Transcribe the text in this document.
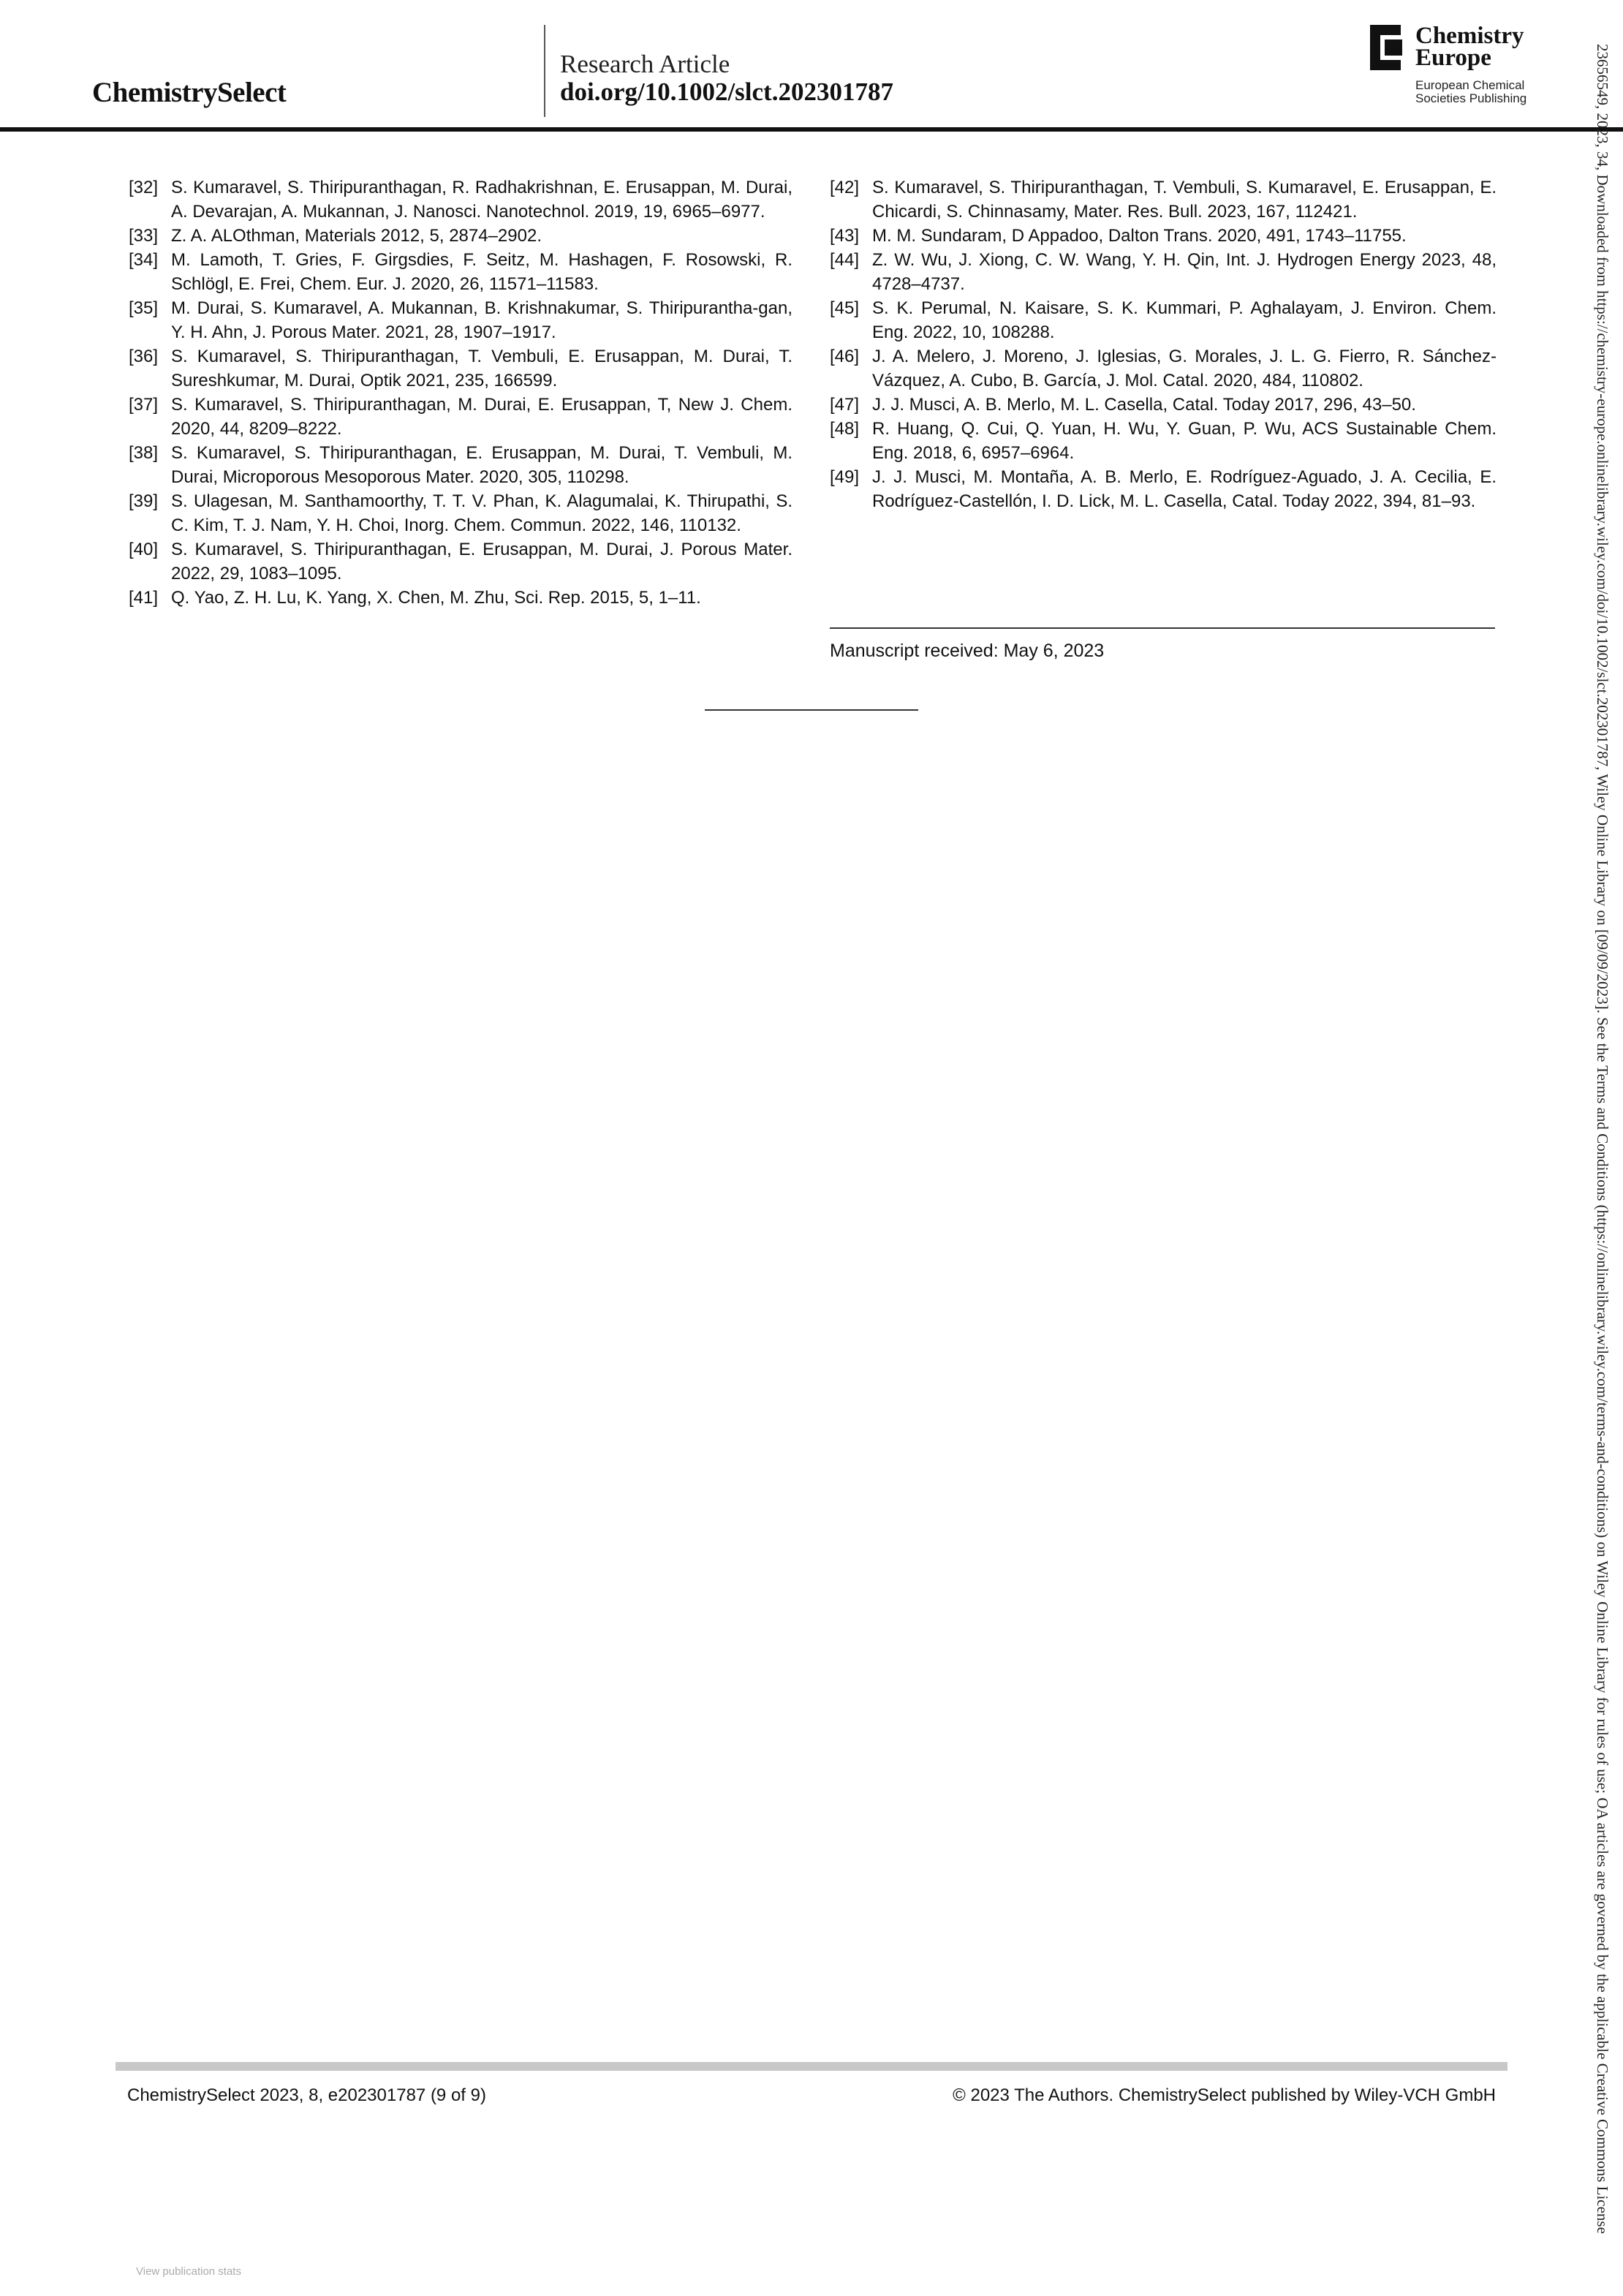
ChemistrySelect
Research Article
doi.org/10.1002/slct.202301787
Chemistry
Europe
European Chemical
Societies Publishing
[32] S. Kumaravel, S. Thiripuranthagan, R. Radhakrishnan, E. Erusappan, M. Durai, A. Devarajan, A. Mukannan, J. Nanosci. Nanotechnol. 2019, 19, 6965–6977.
[33] Z. A. ALOthman, Materials 2012, 5, 2874–2902.
[34] M. Lamoth, T. Gries, F. Girgsdies, F. Seitz, M. Hashagen, F. Rosowski, R. Schlögl, E. Frei, Chem. Eur. J. 2020, 26, 11571–11583.
[35] M. Durai, S. Kumaravel, A. Mukannan, B. Krishnakumar, S. Thiripurantha-gan, Y. H. Ahn, J. Porous Mater. 2021, 28, 1907–1917.
[36] S. Kumaravel, S. Thiripuranthagan, T. Vembuli, E. Erusappan, M. Durai, T. Sureshkumar, M. Durai, Optik 2021, 235, 166599.
[37] S. Kumaravel, S. Thiripuranthagan, M. Durai, E. Erusappan, T, New J. Chem. 2020, 44, 8209–8222.
[38] S. Kumaravel, S. Thiripuranthagan, E. Erusappan, M. Durai, T. Vembuli, M. Durai, Microporous Mesoporous Mater. 2020, 305, 110298.
[39] S. Ulagesan, M. Santhamoorthy, T. T. V. Phan, K. Alagumalai, K. Thirupathi, S. C. Kim, T. J. Nam, Y. H. Choi, Inorg. Chem. Commun. 2022, 146, 110132.
[40] S. Kumaravel, S. Thiripuranthagan, E. Erusappan, M. Durai, J. Porous Mater. 2022, 29, 1083–1095.
[41] Q. Yao, Z. H. Lu, K. Yang, X. Chen, M. Zhu, Sci. Rep. 2015, 5, 1–11.
[42] S. Kumaravel, S. Thiripuranthagan, T. Vembuli, S. Kumaravel, E. Erusappan, E. Chicardi, S. Chinnasamy, Mater. Res. Bull. 2023, 167, 112421.
[43] M. M. Sundaram, D Appadoo, Dalton Trans. 2020, 491, 1743–11755.
[44] Z. W. Wu, J. Xiong, C. W. Wang, Y. H. Qin, Int. J. Hydrogen Energy 2023, 48, 4728–4737.
[45] S. K. Perumal, N. Kaisare, S. K. Kummari, P. Aghalayam, J. Environ. Chem. Eng. 2022, 10, 108288.
[46] J. A. Melero, J. Moreno, J. Iglesias, G. Morales, J. L. G. Fierro, R. Sánchez-Vázquez, A. Cubo, B. García, J. Mol. Catal. 2020, 484, 110802.
[47] J. J. Musci, A. B. Merlo, M. L. Casella, Catal. Today 2017, 296, 43–50.
[48] R. Huang, Q. Cui, Q. Yuan, H. Wu, Y. Guan, P. Wu, ACS Sustainable Chem. Eng. 2018, 6, 6957–6964.
[49] J. J. Musci, M. Montaña, A. B. Merlo, E. Rodríguez-Aguado, J. A. Cecilia, E. Rodríguez-Castellón, I. D. Lick, M. L. Casella, Catal. Today 2022, 394, 81–93.
Manuscript received: May 6, 2023
ChemistrySelect 2023, 8, e202301787 (9 of 9)	© 2023 The Authors. ChemistrySelect published by Wiley-VCH GmbH
View publication stats
23656549, 2023, 34, Downloaded from https://chemistry-europe.onlinelibrary.wiley.com/doi/10.1002/slct.202301787, Wiley Online Library on [09/09/2023]. See the Terms and Conditions (https://onlinelibrary.wiley.com/terms-and-conditions) on Wiley Online Library for rules of use; OA articles are governed by the applicable Creative Commons License
